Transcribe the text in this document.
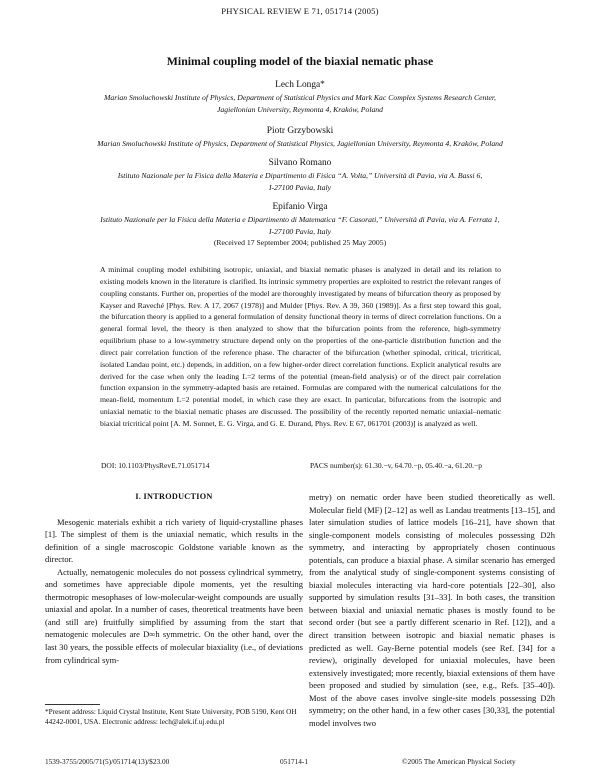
PHYSICAL REVIEW E 71, 051714 (2005)
Minimal coupling model of the biaxial nematic phase
Lech Longa*
Marian Smoluchowski Institute of Physics, Department of Statistical Physics and Mark Kac Complex Systems Research Center,
Jagiellonian University, Reymonta 4, Kraków, Poland
Piotr Grzybowski
Marian Smoluchowski Institute of Physics, Department of Statistical Physics, Jagiellonian University, Reymonta 4, Kraków, Poland
Silvano Romano
Istituto Nazionale per la Fisica della Materia e Dipartimento di Fisica “A. Volta,” Università di Pavia, via A. Bassi 6,
I-27100 Pavia, Italy
Epifanio Virga
Istituto Nazionale per la Fisica della Materia e Dipartimento di Matematica “F. Casorati,” Università di Pavia, via A. Ferrata 1,
I-27100 Pavia, Italy
(Received 17 September 2004; published 25 May 2005)
A minimal coupling model exhibiting isotropic, uniaxial, and biaxial nematic phases is analyzed in detail and its relation to existing models known in the literature is clarified. Its intrinsic symmetry properties are exploited to restrict the relevant ranges of coupling constants. Further on, properties of the model are thoroughly investigated by means of bifurcation theory as proposed by Kayser and Raveché [Phys. Rev. A 17, 2067 (1978)] and Mulder [Phys. Rev. A 39, 360 (1989)]. As a first step toward this goal, the bifurcation theory is applied to a general formulation of density functional theory in terms of direct correlation functions. On a general formal level, the theory is then analyzed to show that the bifurcation points from the reference, high-symmetry equilibrium phase to a low-symmetry structure depend only on the properties of the one-particle distribution function and the direct pair correlation function of the reference phase. The character of the bifurcation (whether spinodal, critical, tricritical, isolated Landau point, etc.) depends, in addition, on a few higher-order direct correlation functions. Explicit analytical results are derived for the case when only the leading L=2 terms of the potential (mean-field analysis) or of the direct pair correlation function expansion in the symmetry-adapted basis are retained. Formulas are compared with the numerical calculations for the mean-field, momentum L=2 potential model, in which case they are exact. In particular, bifurcations from the isotropic and uniaxial nematic to the biaxial nematic phases are discussed. The possibility of the recently reported nematic uniaxial–nematic biaxial tricritical point [A. M. Sonnet, E. G. Virga, and G. E. Durand, Phys. Rev. E 67, 061701 (2003)] is analyzed as well.
DOI: 10.1103/PhysRevE.71.051714	PACS number(s): 61.30.−v, 64.70.−p, 05.40.−a, 61.20.−p
I. INTRODUCTION

Mesogenic materials exhibit a rich variety of liquid-crystalline phases [1]. The simplest of them is the uniaxial nematic, which results in the definition of a single macroscopic Goldstone variable known as the director.

Actually, nematogenic molecules do not possess cylindrical symmetry, and sometimes have appreciable dipole moments, yet the resulting thermotropic mesophases of low-molecular-weight compounds are usually uniaxial and apolar. In a number of cases, theoretical treatments have been (and still are) fruitfully simplified by assuming from the start that nematogenic molecules are D∞h symmetric. On the other hand, over the last 30 years, the possible effects of molecular biaxiality (i.e., of deviations from cylindrical sym-

*Present address: Liquid Crystal Institute, Kent State University, POB 5190, Kent OH 44242-0001, USA. Electronic address: lech@alek.if.uj.edu.pl
metry) on nematic order have been studied theoretically as well. Molecular field (MF) [2–12] as well as Landau treatments [13–15], and later simulation studies of lattice models [16–21], have shown that single-component models consisting of molecules possessing D2h symmetry, and interacting by appropriately chosen continuous potentials, can produce a biaxial phase. A similar scenario has emerged from the analytical study of single-component systems consisting of biaxial molecules interacting via hard-core potentials [22–30], also supported by simulation results [31–33]. In both cases, the transition between biaxial and uniaxial nematic phases is mostly found to be second order (but see a partly different scenario in Ref. [12]), and a direct transition between isotropic and biaxial nematic phases is predicted as well. Gay-Berne potential models (see Ref. [34] for a review), originally developed for uniaxial molecules, have been extensively investigated; more recently, biaxial extensions of them have been proposed and studied by simulation (see, e.g., Refs. [35–40]). Most of the above cases involve single-site models possessing D2h symmetry; on the other hand, in a few other cases [30,33], the potential model involves two
1539-3755/2005/71(5)/051714(13)/$23.00	051714-1	©2005 The American Physical Society
